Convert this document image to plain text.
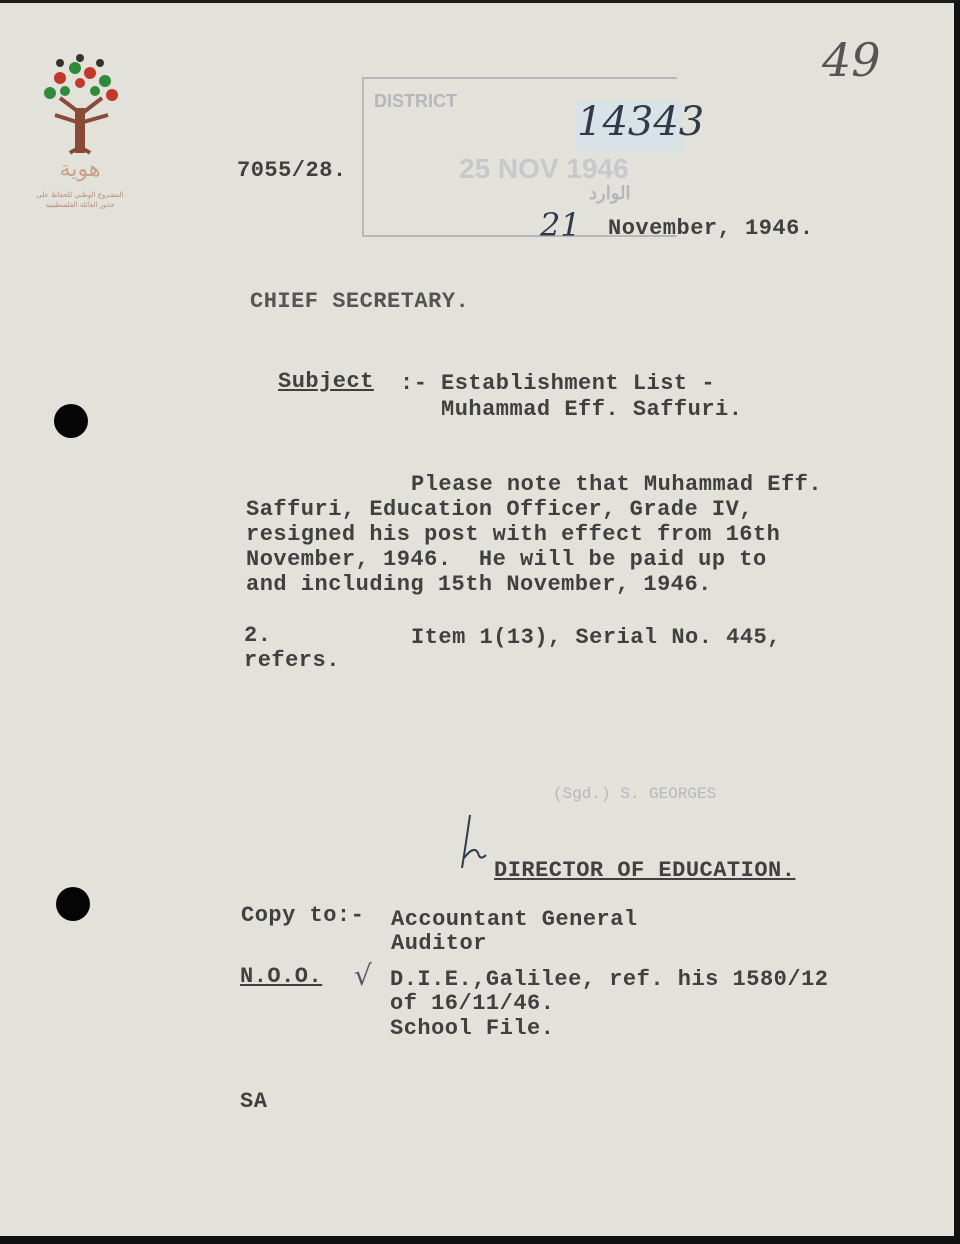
هوية
المشروع الوطني للحفاظ على
جذور العائلة الفلسطينية
DISTRICT
25 NOV 1946
الوارد
14343
49
7055/28.
21 November, 1946.
CHIEF SECRETARY.
Subject :- Establishment List -
Muhammad Eff. Saffuri.
Please note that Muhammad Eff.
Saffuri, Education Officer, Grade IV,
resigned his post with effect from 16th
November, 1946.  He will be paid up to
and including 15th November, 1946.
2.	Item 1(13), Serial No. 445,
refers.
(Sgd.) S. GEORGES
DIRECTOR OF EDUCATION.
Copy to:- Accountant General
Auditor
N.O.O. √ D.I.E.,Galilee, ref. his 1580/12
of 16/11/46.
School File.
SA
